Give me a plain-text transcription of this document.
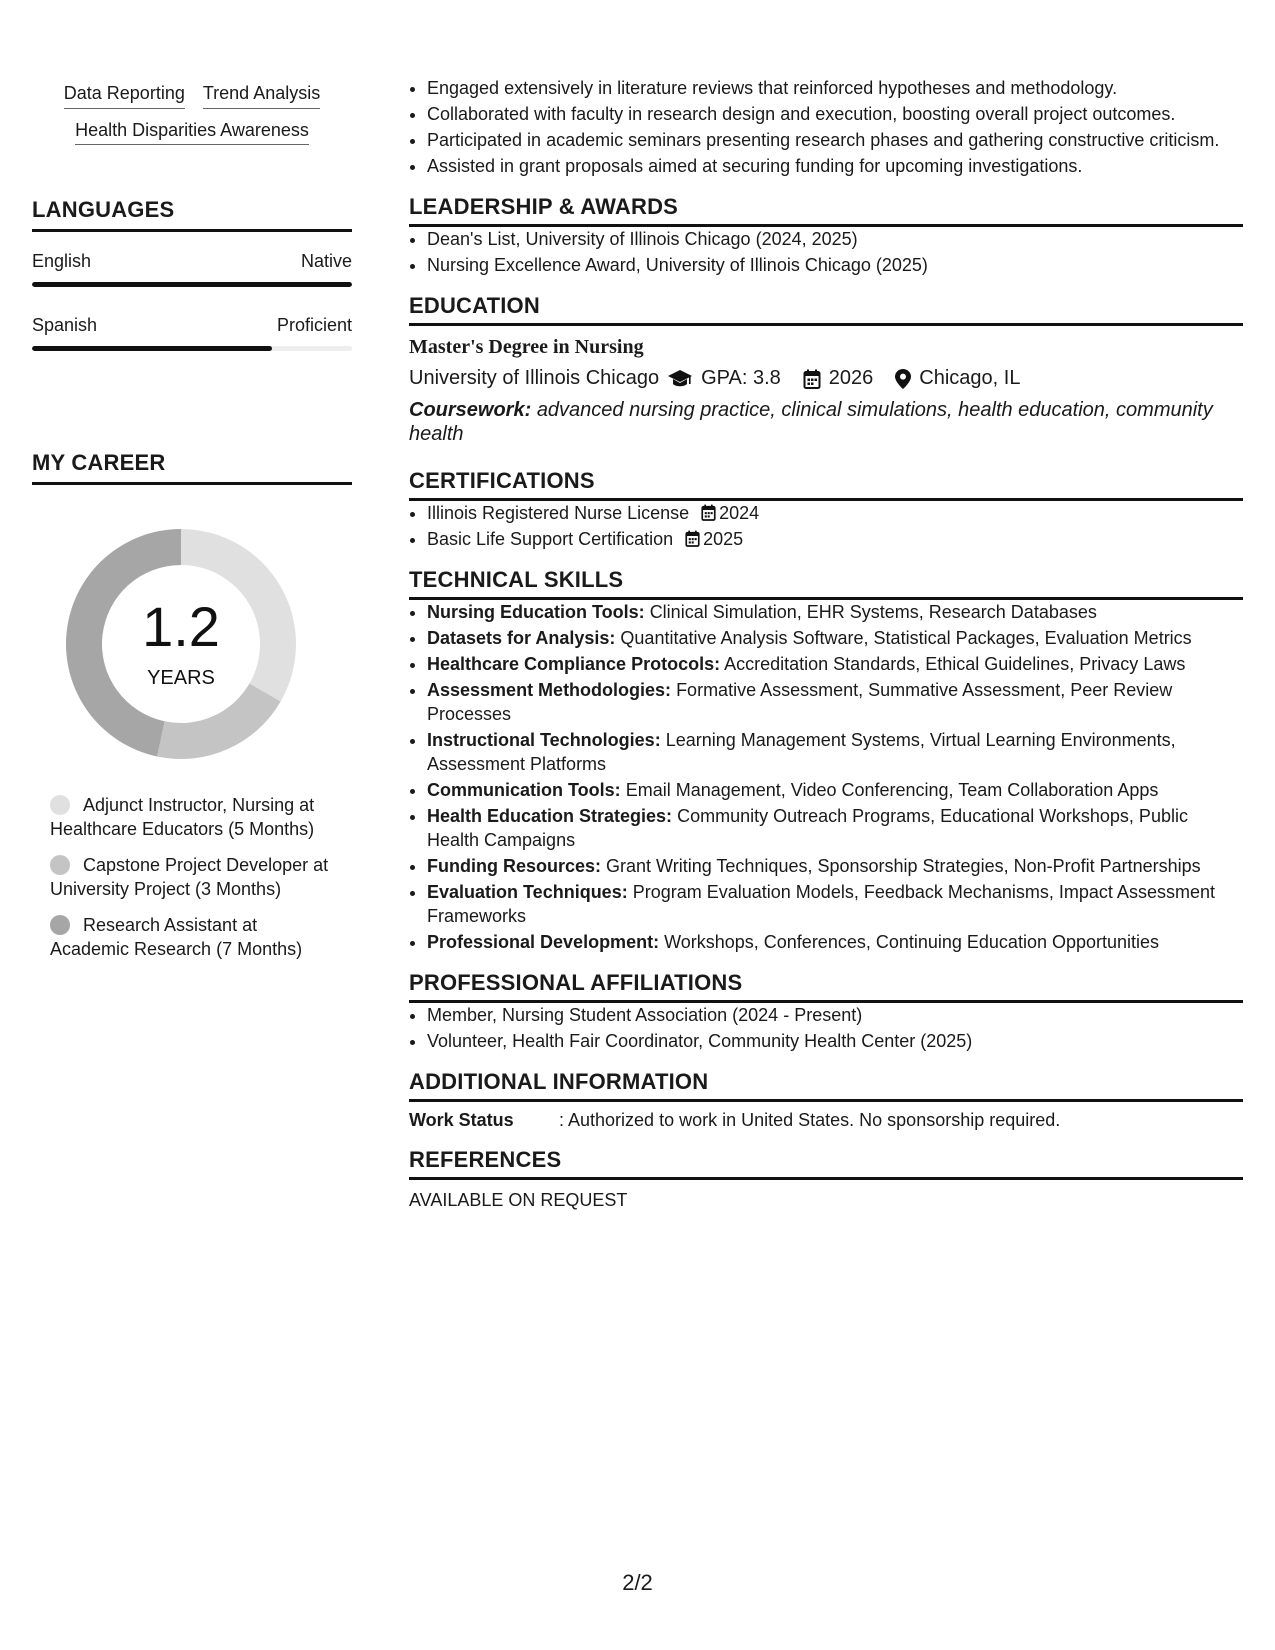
Data Reporting Trend Analysis
Health Disparities Awareness
LANGUAGES
English	Native
Spanish	Proficient
MY CAREER
1.2
YEARS
Adjunct Instructor, Nursing at Healthcare Educators (5 Months)
Capstone Project Developer at University Project (3 Months)
Research Assistant at Academic Research (7 Months)
• Engaged extensively in literature reviews that reinforced hypotheses and methodology.
• Collaborated with faculty in research design and execution, boosting overall project outcomes.
• Participated in academic seminars presenting research phases and gathering constructive criticism.
• Assisted in grant proposals aimed at securing funding for upcoming investigations.
LEADERSHIP & AWARDS
• Dean's List, University of Illinois Chicago (2024, 2025)
• Nursing Excellence Award, University of Illinois Chicago (2025)
EDUCATION
Master's Degree in Nursing
University of Illinois Chicago GPA: 3.8 2026 Chicago, IL
Coursework: advanced nursing practice, clinical simulations, health education, community health
CERTIFICATIONS
• Illinois Registered Nurse License 2024
• Basic Life Support Certification 2025
TECHNICAL SKILLS
• Nursing Education Tools: Clinical Simulation, EHR Systems, Research Databases
• Datasets for Analysis: Quantitative Analysis Software, Statistical Packages, Evaluation Metrics
• Healthcare Compliance Protocols: Accreditation Standards, Ethical Guidelines, Privacy Laws
• Assessment Methodologies: Formative Assessment, Summative Assessment, Peer Review Processes
• Instructional Technologies: Learning Management Systems, Virtual Learning Environments, Assessment Platforms
• Communication Tools: Email Management, Video Conferencing, Team Collaboration Apps
• Health Education Strategies: Community Outreach Programs, Educational Workshops, Public Health Campaigns
• Funding Resources: Grant Writing Techniques, Sponsorship Strategies, Non-Profit Partnerships
• Evaluation Techniques: Program Evaluation Models, Feedback Mechanisms, Impact Assessment Frameworks
• Professional Development: Workshops, Conferences, Continuing Education Opportunities
PROFESSIONAL AFFILIATIONS
• Member, Nursing Student Association (2024 - Present)
• Volunteer, Health Fair Coordinator, Community Health Center (2025)
ADDITIONAL INFORMATION
Work Status	: Authorized to work in United States. No sponsorship required.
REFERENCES
AVAILABLE ON REQUEST
2/2
